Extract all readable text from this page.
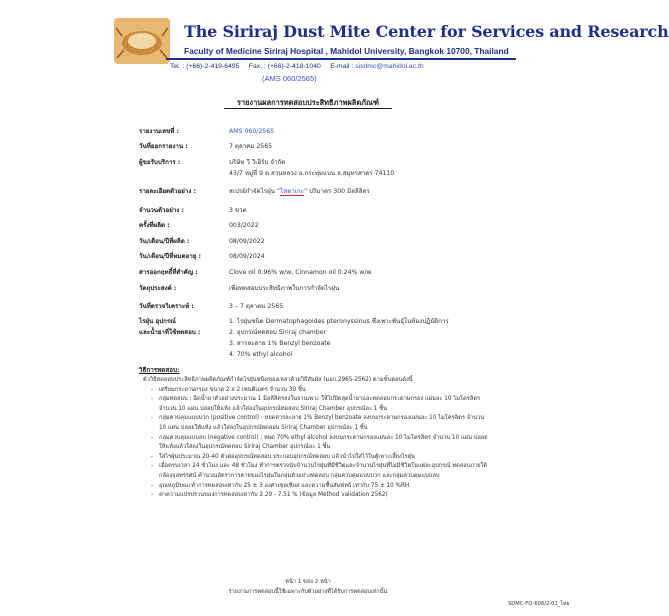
The Siriraj Dust Mite Center for Services and Research
Faculty of Medicine Siriraj Hospital , Mahidol University, Bangkok 10700, Thailand
Tel. : (+66)-2-419-6495 Fax. : (+66)-2-418-1040 E-mail : sisdmc@mahidol.ac.th
(AMS 060/2565)
รายงานผลการทดสอบประสิทธิภาพผลิตภัณฑ์
รายงานเลขที่ :	AMS 060/2565
วันที่ออกรายงาน :	7 ตุลาคม 2565
ผู้ขอรับบริการ :	บริษัท วี วิเฮิร์บ จำกัด
43/7 หมู่ที่ 9 ต.สวนหลวง อ.กระทุ่มแบน จ.สมุทรสาคร 74110
รายละเอียดตัวอย่าง :	สเปรย์กำจัดไรฝุ่น “ไหดาเกะ” ปริมาตร 300 มิลลิลิตร
จำนวนตัวอย่าง :	3 ขวด
ครั้งที่ผลิต :	003/2022
วัน/เดือน/ปีที่ผลิต :	08/09/2022
วัน/เดือน/ปีที่หมดอายุ :	08/09/2024
สารออกฤทธิ์ที่สำคัญ :	Clove oil 0.96% w/w, Cinnamon oil 0.24% w/w
วัตถุประสงค์ :	เพื่อทดสอบประสิทธิภาพในการกำจัดไรฝุ่น
วันที่ตรวจวิเคราะห์ :	3 – 7 ตุลาคม 2565
ไรฝุ่น อุปกรณ์	1. ไรฝุ่นชนิด Dermatophagoides pteronyssinus ซึ่งเพาะพันธุ์ในห้องปฏิบัติการ
และน้ำยาที่ใช้ทดสอบ :	2. อุปกรณ์ทดสอบ Siriraj chamber
3. สารละลาย 1% Benzyl benzoate
4. 70% ethyl alcohol
วิธีการทดสอบ:
ตัววิธีทดสอบประสิทธิภาพผลิตภัณฑ์กำจัดไรฝุ่นชนิดของเหลวด้วยวิธีสัมผัส (มอก.2965-2562) ตามขั้นตอนดังนี้
- เตรียมกระดาษกรอง ขนาด 2 x 2 เซนติเมตร จำนวน 30 ชิ้น
- กลุ่มทดสอบ : ฉีดน้ำยาตัวอย่างประมาณ 1 มิลลิลิตรลงในจานเพาะ ให้ไปปิดสุดน้ำยาและทดสอบกระดาษกรอง แผ่นละ 10 ไมโครลิตร จำนวน 10 แผ่น ปล่อยให้แห้ง แล้วใส่ลงในอุปกรณ์ทดสอบ Siriraj Chamber อุปกรณ์ละ 1 ชิ้น
- กลุ่มควบคุมแบบบวก (positive control) : หยดสารละลาย 1% Benzyl benzoate ลงบนกระดาษกรองแผ่นละ 10 ไมโครลิตร จำนวน 10 แผ่น ปล่อยให้แห้ง แล้วใส่ลงในอุปกรณ์ทดสอบ Siriraj Chamber อุปกรณ์ละ 1 ชิ้น
- กลุ่มควบคุมแบบลบ (negative control) : หยด 70% ethyl alcohol ลงบนกระดาษกรองแผ่นละ 10 ไมโครลิตร จำนวน 10 แผ่น ปล่อยให้แห้งแล้วใส่ลงในอุปกรณ์ทดสอบ Siriraj Chamber อุปกรณ์ละ 1 ชิ้น
- ใส่ไรฝุ่นประมาณ 20-40 ตัวต่ออุปกรณ์ทดสอบ ประกอบอุปกรณ์ทดสอบ แล้วนำไปใส่ไว้ในตู้เพาะเลี้ยงไรฝุ่น
- เมื่อครบเวลา 24 ชั่วโมง และ 48 ชั่วโมง ทำการตรวจนับจำนวนไรฝุ่นที่มีชีวิตและจำนวนไรฝุ่นที่ไม่มีชีวิตในแต่ละอุปกรณ์ ทดสอบภายใต้กล้องจุลทรรศน์ คำนวณอัตราการตายของไรฝุ่นในกลุ่มตัวอย่างทดสอบ กลุ่มควบคุมแบบบวก และกลุ่มควบคุมแบบลบ
- อุณหภูมิขณะทำการทดสอบเท่ากับ 25 ± 3 องศาเซลเซียส และความชื้นสัมพัทธ์ เท่ากับ 75 ± 10 %RH
- ค่าความแปรปรวนของการทดสอบเท่ากับ 2.29 - 7.51 % (ข้อมูล Method validation 2562)
หน้า 1 ของ 2 หน้า
รายงานการทดสอบนี้ใช้เฉพาะกับตัวอย่างที่ได้รับการทดสอบเท่านั้น
SDMC-FO-606/2-01_ไทย
